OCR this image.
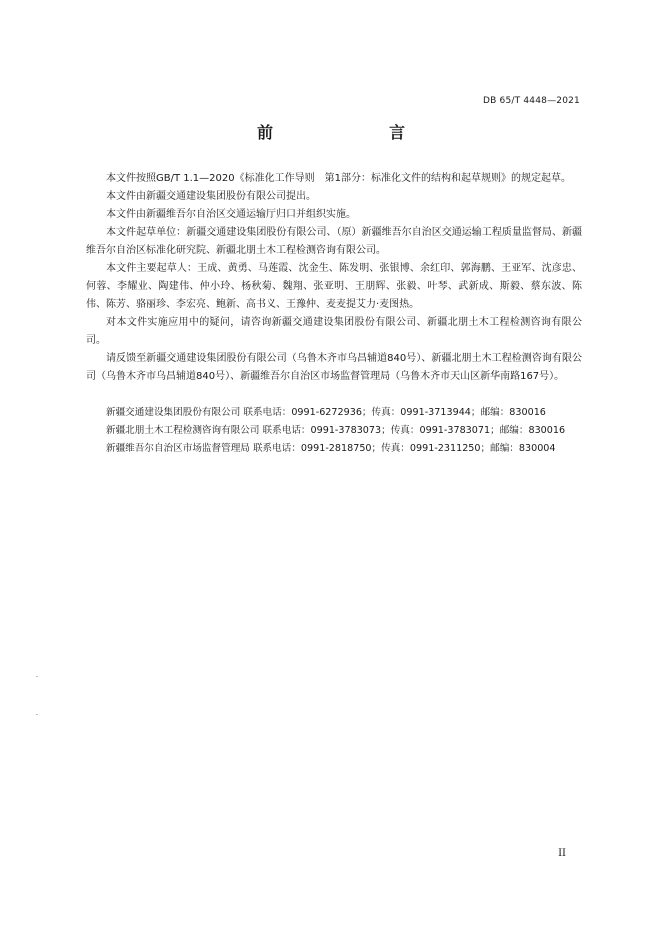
DB 65/T 4448—2021
前　　言

本文件按照GB/T 1.1—2020《标准化工作导则　第1部分：标准化文件的结构和起草规则》的规定起草。

本文件由新疆交通建设集团股份有限公司提出。

本文件由新疆维吾尔自治区交通运输厅归口并组织实施。

本文件起草单位：新疆交通建设集团股份有限公司、（原）新疆维吾尔自治区交通运输工程质量监督局、新疆维吾尔自治区标准化研究院、新疆北朋土木工程检测咨询有限公司。

本文件主要起草人：王成、黄勇、马莲霞、沈金生、陈发明、张银博、余红印、郭海鹏、王亚军、沈彦忠、何蓉、李耀业、陶建伟、仲小玲、杨秋菊、魏翔、张亚明、王朋辉、张毅、叶琴、武新成、斯毅、蔡东波、陈伟、陈芳、骆丽珍、李宏亮、鲍新、高书义、王豫仲、麦麦提艾力·麦图热。

对本文件实施应用中的疑问，请咨询新疆交通建设集团股份有限公司、新疆北朋土木工程检测咨询有限公司。

请反馈至新疆交通建设集团股份有限公司（乌鲁木齐市乌昌辅道840号）、新疆北朋土木工程检测咨询有限公司（乌鲁木齐市乌昌辅道840号）、新疆维吾尔自治区市场监督管理局（乌鲁木齐市天山区新华南路167号）。

新疆交通建设集团股份有限公司 联系电话：0991-6272936；传真：0991-3713944；邮编：830016
新疆北朋土木工程检测咨询有限公司 联系电话：0991-3783073；传真：0991-3783071；邮编：830016
新疆维吾尔自治区市场监督管理局 联系电话：0991-2818750；传真：0991-2311250；邮编：830004
II
